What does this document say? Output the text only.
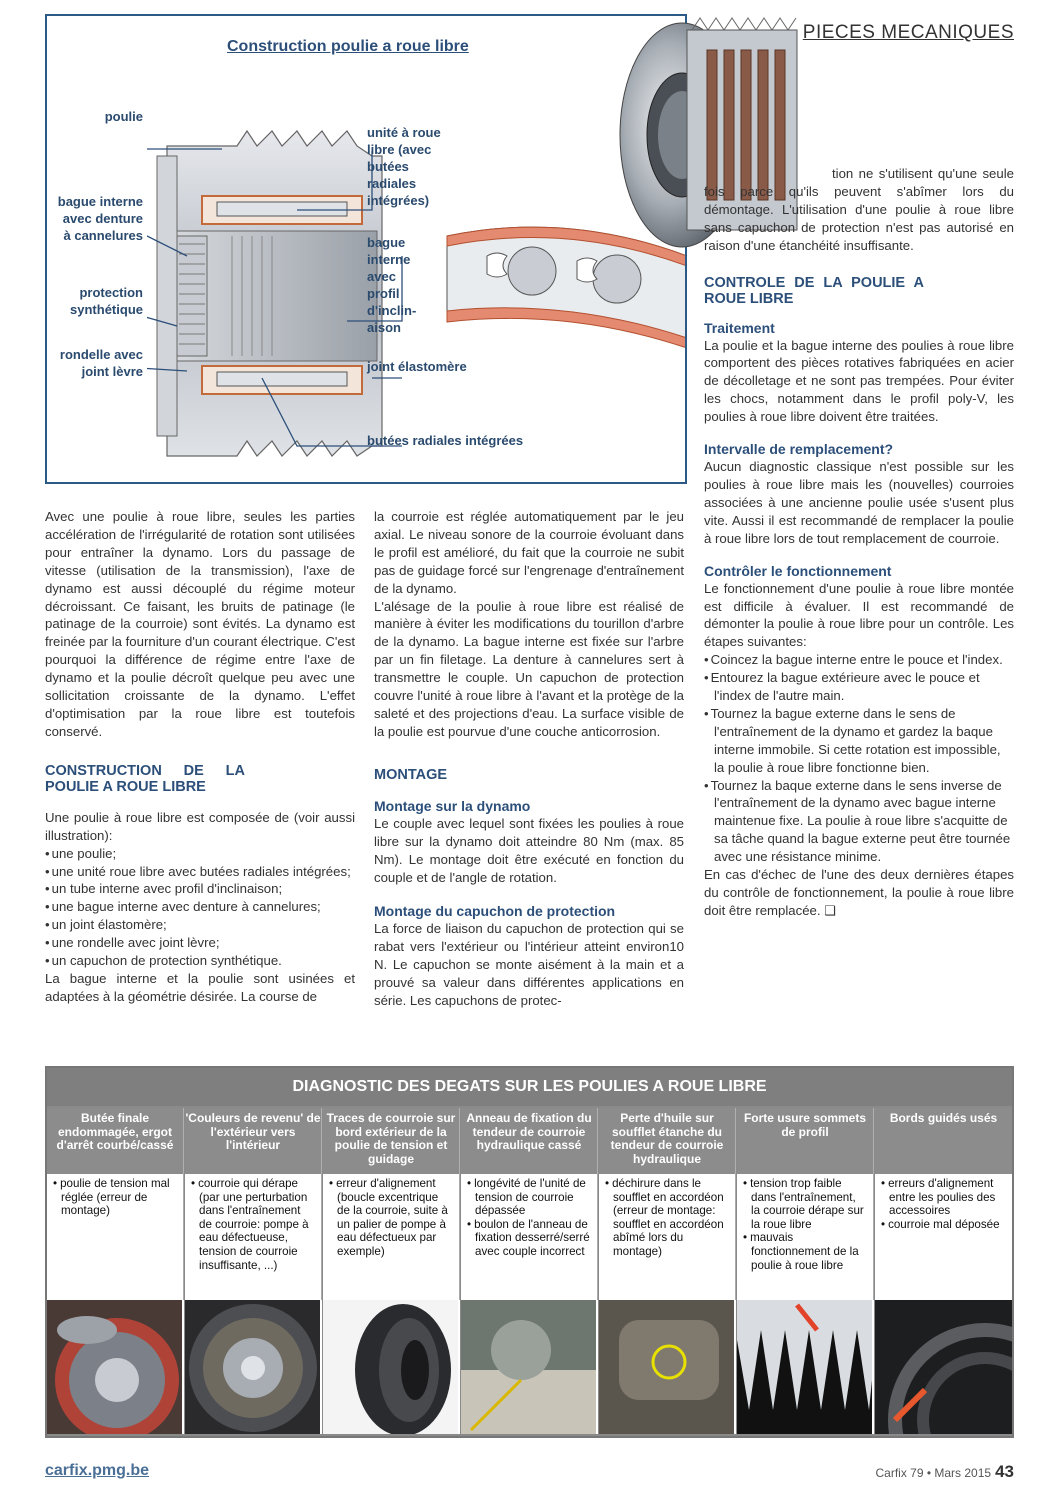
PIECES MECANIQUES
Construction poulie a roue libre
poulie
bague interne avec denture à cannelures
protection synthétique
rondelle avec joint lèvre
unité à roue libre (avec butées radiales intégrées)
bague interne avec profil d'inclin-aison
joint élastomère
butées radiales intégrées

Avec une poulie à roue libre, seules les parties accélération de l'irrégularité de rotation sont utilisées pour entraîner la dynamo. Lors du passage de vitesse (utilisation de la transmission), l'axe de dynamo est aussi découplé du régime moteur décroissant. Ce faisant, les bruits de patinage (le patinage de la courroie) sont évités. La dynamo est freinée par la fourniture d'un courant électrique. C'est pourquoi la différence de régime entre l'axe de dynamo et la poulie décroît quelque peu avec une sollicitation croissante de la dynamo. L'effet d'optimisation par la roue libre est toutefois conservé.

CONSTRUCTION DE LA POULIE A ROUE LIBRE

Une poulie à roue libre est composée de (voir aussi illustration):

• une poulie;
• une unité roue libre avec butées radiales intégrées;
• un tube interne avec profil d'inclinaison;
• une bague interne avec denture à cannelures;
• un joint élastomère;
• une rondelle avec joint lèvre;
• un capuchon de protection synthétique.

La bague interne et la poulie sont usinées et adaptées à la géométrie désirée. La course de

la courroie est réglée automatiquement par le jeu axial. Le niveau sonore de la courroie évoluant dans le profil est amélioré, du fait que la courroie ne subit pas de guidage forcé sur l'engrenage d'entraînement de la dynamo.

L'alésage de la poulie à roue libre est réalisé de manière à éviter les modifications du tourillon d'arbre de la dynamo. La bague interne est fixée sur l'arbre par un fin filetage. La denture à cannelures sert à transmettre le couple. Un capuchon de protection couvre l'unité à roue libre à l'avant et la protège de la saleté et des projections d'eau. La surface visible de la poulie est pourvue d'une couche anticorrosion.

MONTAGE
Montage sur la dynamo

Le couple avec lequel sont fixées les poulies à roue libre sur la dynamo doit atteindre 80 Nm (max. 85 Nm). Le montage doit être exécuté en fonction du couple et de l'angle de rotation.

Montage du capuchon de protection

La force de liaison du capuchon de protection qui se rabat vers l'extérieur ou l'intérieur atteint environ10 N. Le capuchon se monte aisément à la main et a prouvé sa valeur dans différentes applications en série. Les capuchons de protec-

tion ne s'utilisent qu'une seule fois parce qu'ils peuvent s'abîmer lors du démontage. L'utilisation d'une poulie à roue libre sans capuchon de protection n'est pas autorisé en raison d'une étanchéité insuffisante.

CONTROLE DE LA POULIE A ROUE LIBRE
Traitement

La poulie et la bague interne des poulies à roue libre comportent des pièces rotatives fabriquées en acier de décolletage et ne sont pas trempées. Pour éviter les chocs, notamment dans le profil poly-V, les poulies à roue libre doivent être traitées.

Intervalle de remplacement?

Aucun diagnostic classique n'est possible sur les poulies à roue libre mais les (nouvelles) courroies associées à une ancienne poulie usée s'usent plus vite. Aussi il est recommandé de remplacer la poulie à roue libre lors de tout remplacement de courroie.

Contrôler le fonctionnement

Le fonctionnement d'une poulie à roue libre montée est difficile à évaluer. Il est recommandé de démonter la poulie à roue libre pour un contrôle. Les étapes suivantes:

• Coincez la bague interne entre le pouce et l'index.
• Entourez la bague extérieure avec le pouce et l'index de l'autre main.
• Tournez la bague externe dans le sens de l'entraînement de la dynamo et gardez la baque interne immobile. Si cette rotation est impossible, la poulie à roue libre fonctionne bien.
• Tournez la baque externe dans le sens inverse de l'entraînement de la dynamo avec bague interne maintenue fixe. La poulie à roue libre s'acquitte de sa tâche quand la bague externe peut être tournée avec une résistance minime.

En cas d'échec de l'une des deux dernières étapes du contrôle de fonctionnement, la poulie à roue libre doit être remplacée. ❑

DIAGNOSTIC DES DEGATS SUR LES POULIES A ROUE LIBRE
Butée finale endommagée, ergot d'arrêt courbé/cassé
• poulie de tension mal réglée (erreur de montage)
'Couleurs de revenu' de l'extérieur vers l'intérieur
• courroie qui dérape (par une perturbation dans l'entraînement de courroie: pompe à eau défectueuse, tension de courroie insuffisante, ...)
Traces de courroie sur bord extérieur de la poulie de tension et guidage
• erreur d'alignement (boucle excentrique de la courroie, suite à un palier de pompe à eau défectueux par exemple)
Anneau de fixation du tendeur de courroie hydraulique cassé
• longévité de l'unité de tension de courroie dépassée
• boulon de l'anneau de fixation desserré/serré avec couple incorrect
Perte d'huile sur soufflet étanche du tendeur de courroie hydraulique
• déchirure dans le soufflet en accordéon (erreur de montage: soufflet en accordéon abîmé lors du montage)
Forte usure sommets de profil
• tension trop faible dans l'entraînement, la courroie dérape sur la roue libre
• mauvais fonctionnement de la poulie à roue libre
Bords guidés usés
• erreurs d'alignement entre les poulies des accessoires
• courroie mal déposée
carfix.pmg.be	Carfix 79 • Mars 2015 43
